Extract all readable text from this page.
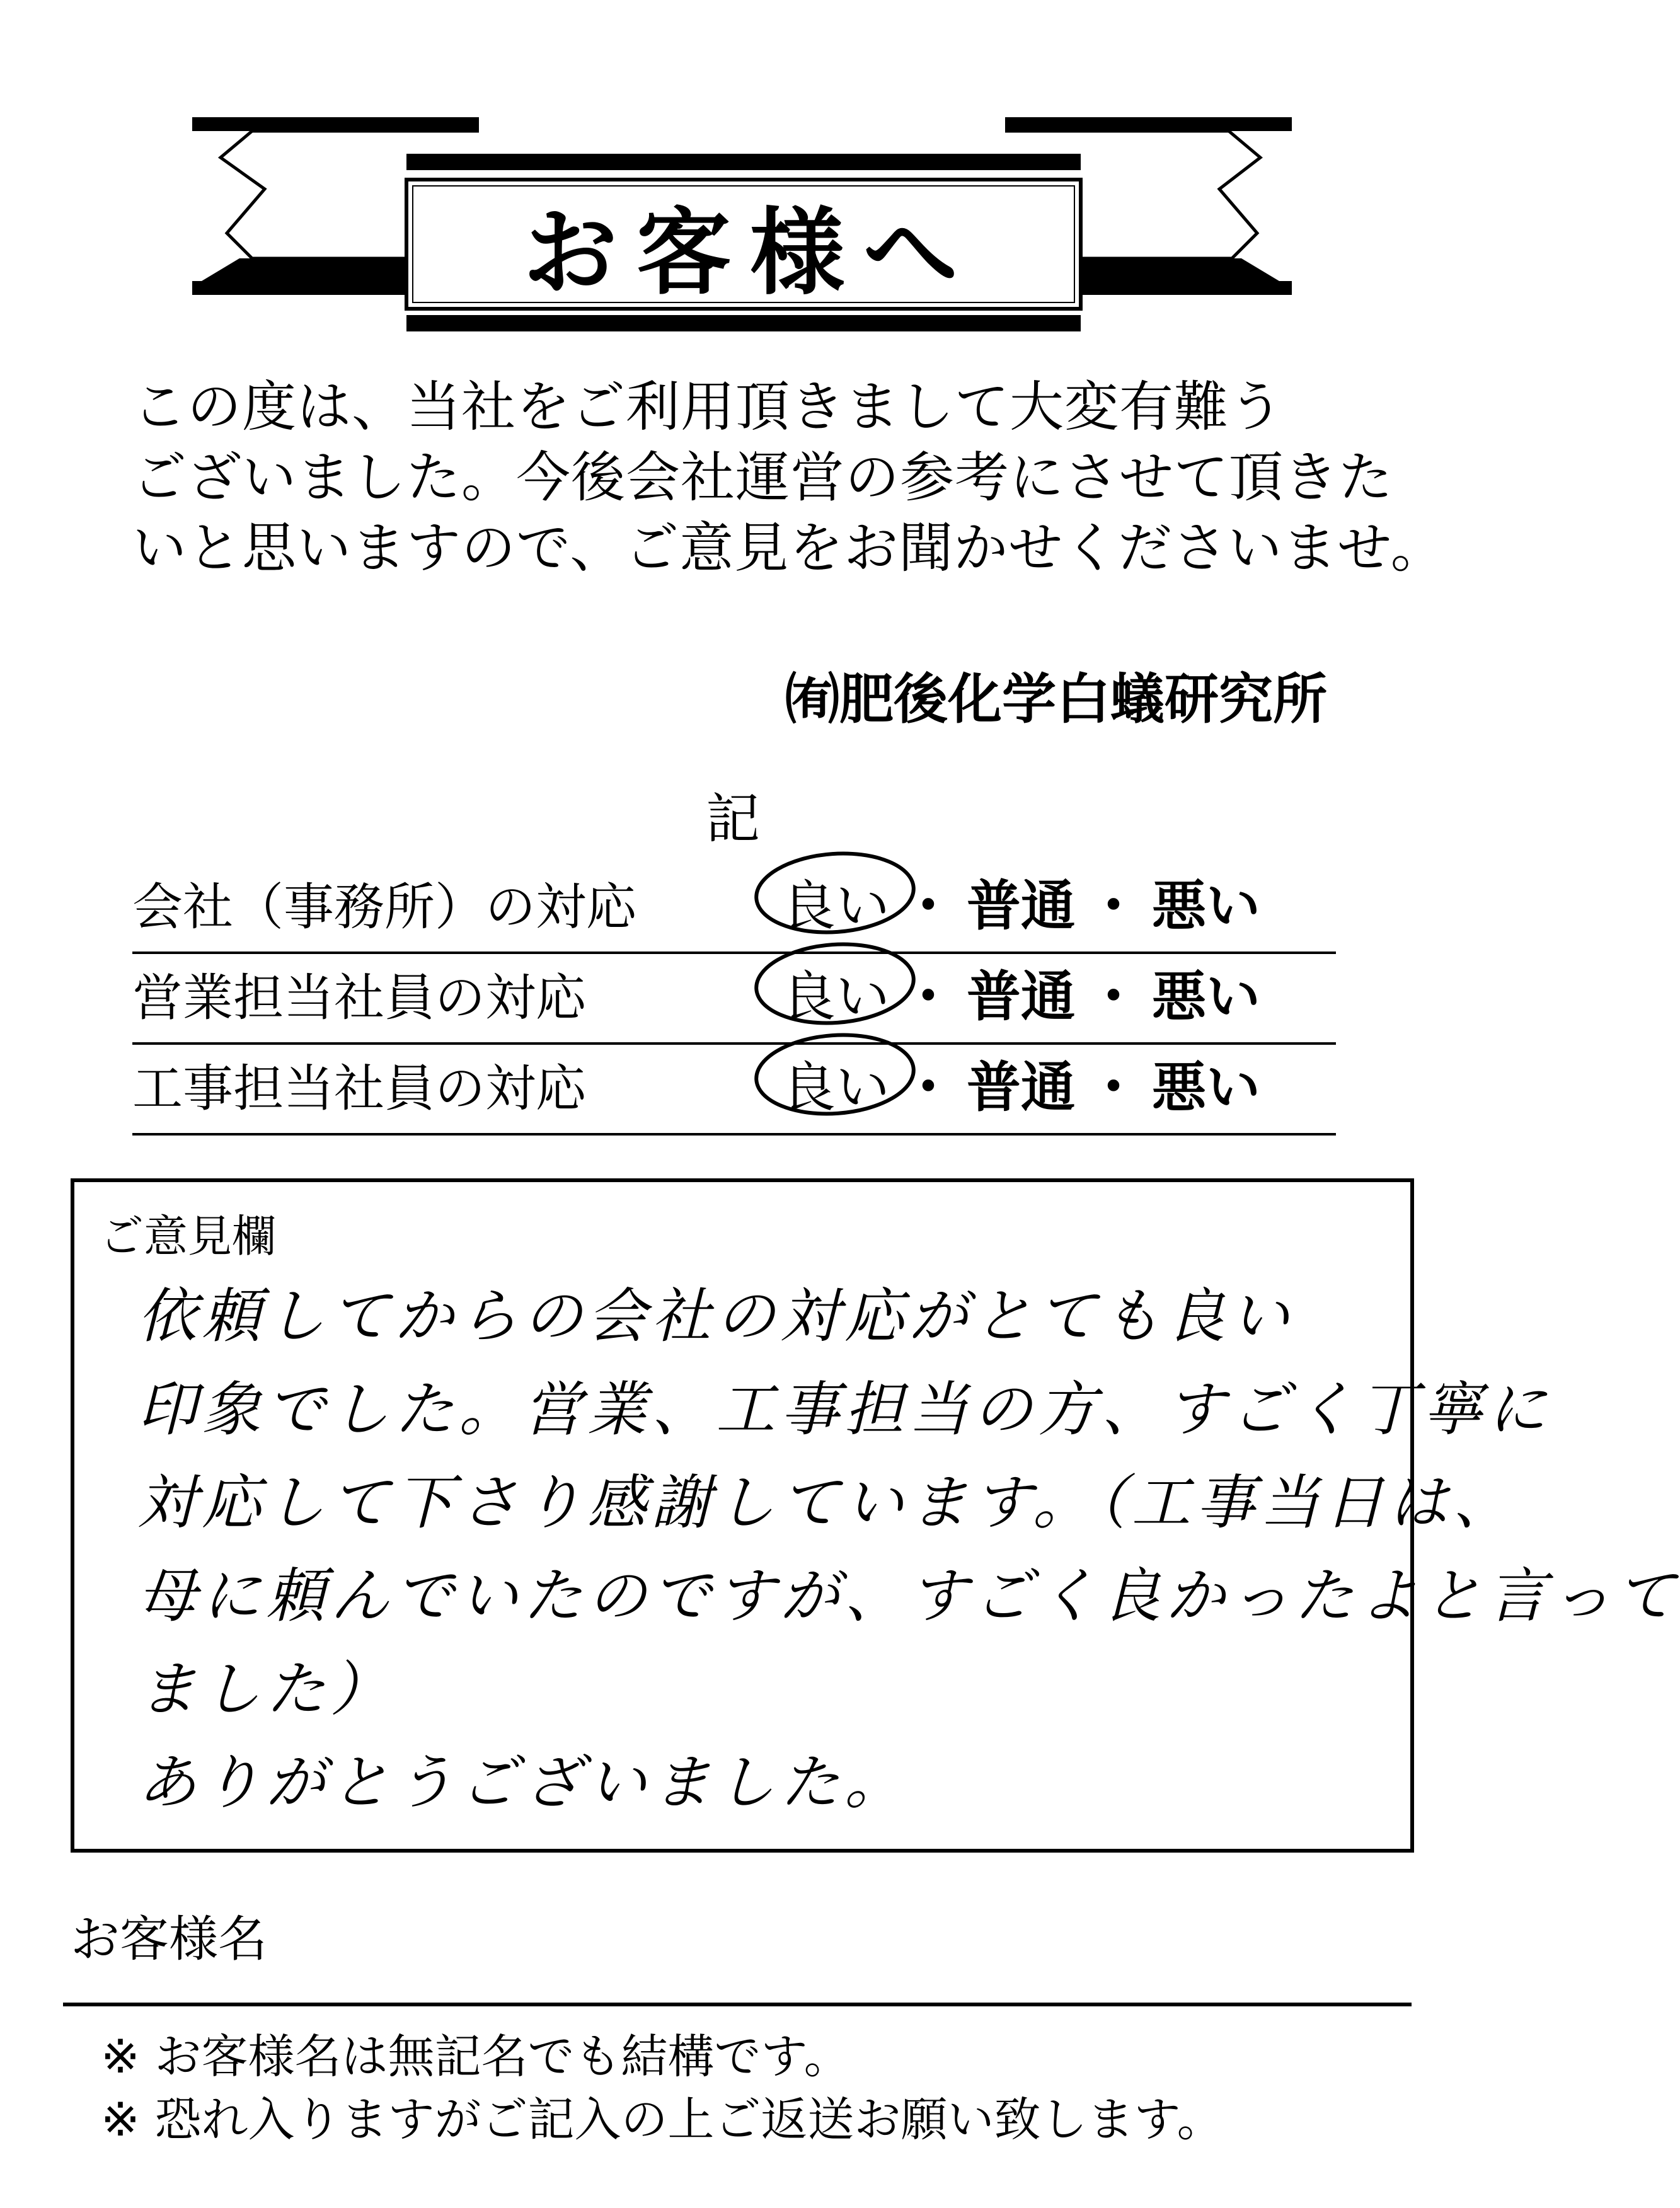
お客様へ
この度は、当社をご利用頂きまして大変有難う
ございました。今後会社運営の参考にさせて頂きた
いと思いますので、ご意見をお聞かせくださいませ。
㈲肥後化学白蟻研究所
記
会社（事務所）の対応	良い ・ 普通 ・ 悪い
営業担当社員の対応	良い ・ 普通 ・ 悪い
工事担当社員の対応	良い ・ 普通 ・ 悪い
ご意見欄
依頼してからの会社の対応がとても良い
印象でした。営業、工事担当の方、すごく丁寧に
対応して下さり感謝しています。（工事当日は、
母に頼んでいたのですが、すごく良かったよと言って
ました）
ありがとうございました。
お客様名
※ お客様名は無記名でも結構です。
※ 恐れ入りますがご記入の上ご返送お願い致します。
